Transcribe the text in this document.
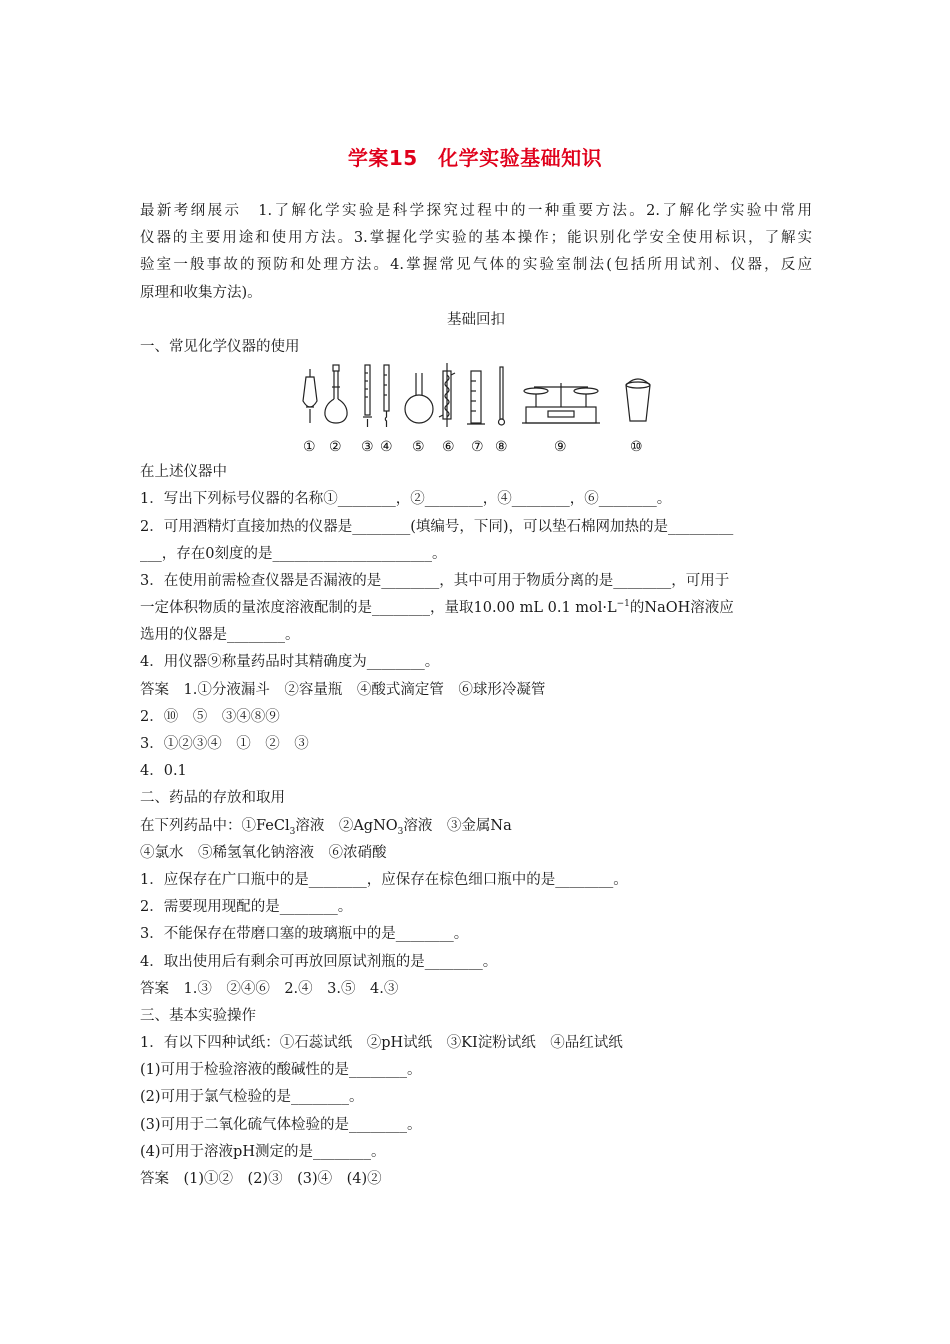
学案15　化学实验基础知识
最新考纲展示　1.了解化学实验是科学探究过程中的一种重要方法。2.了解化学实验中常用
仪器的主要用途和使用方法。3.掌握化学实验的基本操作；能识别化学安全使用标识，了解实
验室一般事故的预防和处理方法。4.掌握常见气体的实验室制法(包括所用试剂、仪器，反应
原理和收集方法)。
基础回扣
一、常见化学仪器的使用
① ② ③ ④ ⑤ ⑥ ⑦ ⑧	⑨	⑩
在上述仪器中
1．写出下列标号仪器的名称①________，②________，④________，⑥________。
2．可用酒精灯直接加热的仪器是________(填编号，下同)，可以垫石棉网加热的是_________
___，存在0刻度的是______________________。
3．在使用前需检查仪器是否漏液的是________，其中可用于物质分离的是________，可用于
一定体积物质的量浓度溶液配制的是________，量取10.00 mL 0.1 $mol\cdot L^{-1}$的NaOH溶液应
选用的仪器是________。
4．用仪器⑨称量药品时其精确度为________。
答案　1.①分液漏斗　②容量瓶　④酸式滴定管　⑥球形冷凝管
2．⑩　⑤　③④⑧⑨
3．①②③④　①　②　③
4．0.1
二、药品的存放和取用
在下列药品中：①FeCl$_3$溶液　②AgNO$_3$溶液　③金属Na
④氯水　⑤稀氢氧化钠溶液　⑥浓硝酸
1．应保存在广口瓶中的是________，应保存在棕色细口瓶中的是________。
2．需要现用现配的是________。
3．不能保存在带磨口塞的玻璃瓶中的是________。
4．取出使用后有剩余可再放回原试剂瓶的是________。
答案　1.③　②④⑥　2.④　3.⑤　4.③
三、基本实验操作
1．有以下四种试纸：①石蕊试纸　②pH试纸　③KI淀粉试纸　④品红试纸
(1)可用于检验溶液的酸碱性的是________。
(2)可用于氯气检验的是________。
(3)可用于二氧化硫气体检验的是________。
(4)可用于溶液pH测定的是________。
答案　(1)①②　(2)③　(3)④　(4)②
